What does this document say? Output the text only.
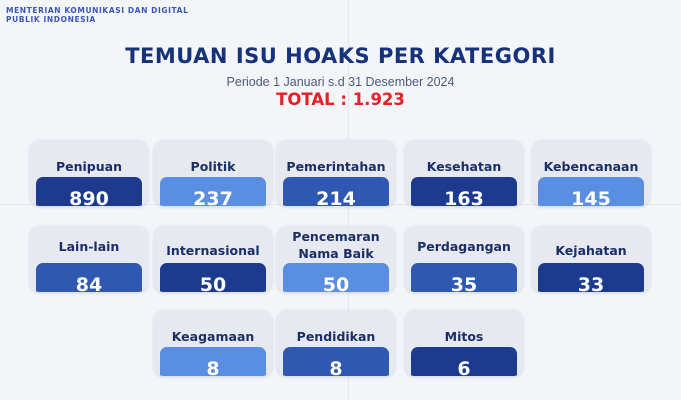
MENTERIAN KOMUNIKASI DAN DIGITAL
PUBLIK INDONESIA
TEMUAN ISU HOAKS PER KATEGORI
Periode 1 Januari s.d 31 Desember 2024
TOTAL : 1.923
Penipuan
890
Politik
237
Pemerintahan
214
Kesehatan
163
Kebencanaan
145
Lain-lain
84
Internasional
50
Pencemaran Nama Baik
50
Perdagangan
35
Kejahatan
33
Keagamaan
8
Pendidikan
8
Mitos
6
